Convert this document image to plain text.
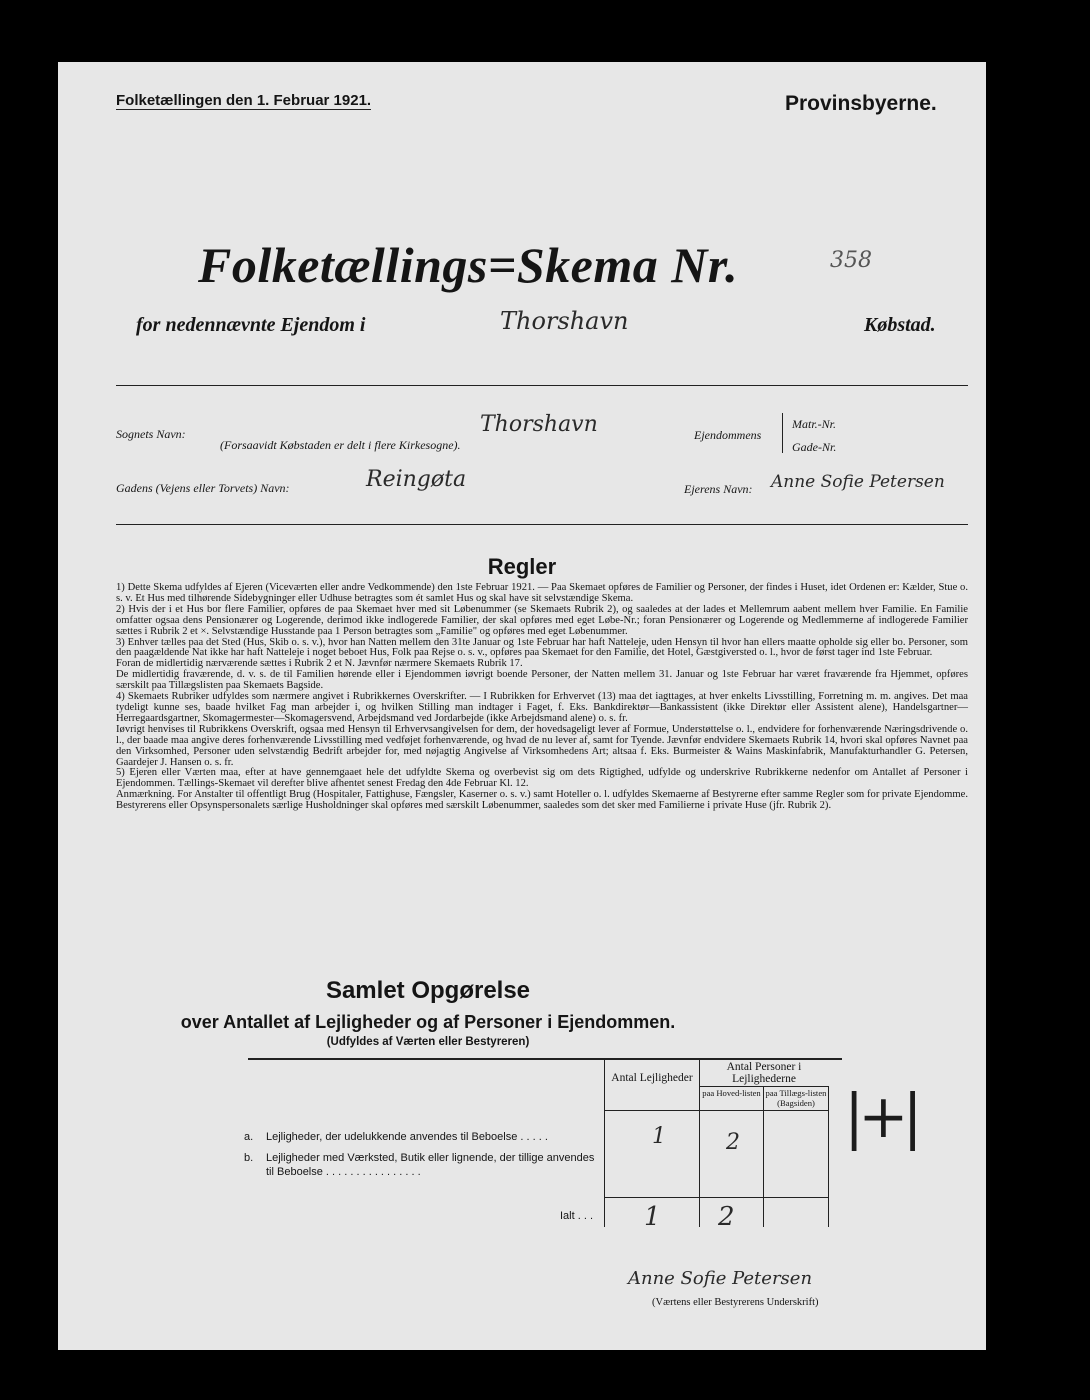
Folketællingen den 1. Februar 1921.	Provinsbyerne.
Folketællings=Skema Nr.	358
for nedennævnte Ejendom i	Thorshavn	Købstad.
Sognets Navn:
(Forsaavidt Købstaden er delt i flere Kirkesogne).
Thorshavn	Ejendommens
Matr.-Nr.
Gade-Nr.
Gadens (Vejens eller Torvets) Navn:	Reingøta	Ejerens Navn: Anne Sofie Petersen
Regler

1) Dette Skema udfyldes af Ejeren (Viceværten eller andre Vedkommende) den 1ste Februar 1921. — Paa Skemaet opføres de Familier og Personer, der findes i Huset, idet Ordenen er: Kælder, Stue o. s. v. Et Hus med tilhørende Sidebygninger eller Udhuse betragtes som ét samlet Hus og skal have sit selvstændige Skema.

2) Hvis der i et Hus bor flere Familier, opføres de paa Skemaet hver med sit Løbenummer (se Skemaets Rubrik 2), og saaledes at der lades et Mellemrum aabent mellem hver Familie. En Familie omfatter ogsaa dens Pensionærer og Logerende, derimod ikke indlogerede Familier, der skal opføres med eget Løbe-Nr.; foran Pensionærer og Logerende og Medlemmerne af indlogerede Familier sættes i Rubrik 2 et ×. Selvstændige Husstande paa 1 Person betragtes som „Familie" og opføres med eget Løbenummer.

3) Enhver tælles paa det Sted (Hus, Skib o. s. v.), hvor han Natten mellem den 31te Januar og 1ste Februar har haft Natteleje, uden Hensyn til hvor han ellers maatte opholde sig eller bo. Personer, som den paagældende Nat ikke har haft Natteleje i noget beboet Hus, Folk paa Rejse o. s. v., opføres paa Skemaet for den Familie, det Hotel, Gæstgiversted o. l., hvor de først tager ind 1ste Februar.

Foran de midlertidig nærværende sættes i Rubrik 2 et N. Jævnfør nærmere Skemaets Rubrik 17.

De midlertidig fraværende, d. v. s. de til Familien hørende eller i Ejendommen iøvrigt boende Personer, der Natten mellem 31. Januar og 1ste Februar har været fraværende fra Hjemmet, opføres særskilt paa Tillægslisten paa Skemaets Bagside.

4) Skemaets Rubriker udfyldes som nærmere angivet i Rubrikkernes Overskrifter. — I Rubrikken for Erhvervet (13) maa det iagttages, at hver enkelts Livsstilling, Forretning m. m. angives. Det maa tydeligt kunne ses, baade hvilket Fag man arbejder i, og hvilken Stilling man indtager i Faget, f. Eks. Bankdirektør—Bankassistent (ikke Direktør eller Assistent alene), Handelsgartner—Herregaardsgartner, Skomagermester—Skomagersvend, Arbejdsmand ved Jordarbejde (ikke Arbejdsmand alene) o. s. fr.

Iøvrigt henvises til Rubrikkens Overskrift, ogsaa med Hensyn til Erhvervsangivelsen for dem, der hovedsageligt lever af Formue, Understøttelse o. l., endvidere for forhenværende Næringsdrivende o. l., der baade maa angive deres forhenværende Livsstilling med vedføjet forhenværende, og hvad de nu lever af, samt for Tyende. Jævnfør endvidere Skemaets Rubrik 14, hvori skal opføres Navnet paa den Virksomhed, Personer uden selvstændig Bedrift arbejder for, med nøjagtig Angivelse af Virksomhedens Art; altsaa f. Eks. Burmeister & Wains Maskinfabrik, Manufakturhandler G. Petersen, Gaardejer J. Hansen o. s. fr.

5) Ejeren eller Værten maa, efter at have gennemgaaet hele det udfyldte Skema og overbevist sig om dets Rigtighed, udfylde og underskrive Rubrikkerne nedenfor om Antallet af Personer i Ejendommen. Tællings-Skemaet vil derefter blive afhentet senest Fredag den 4de Februar Kl. 12.

Anmærkning. For Anstalter til offentligt Brug (Hospitaler, Fattighuse, Fængsler, Kaserner o. s. v.) samt Hoteller o. l. udfyldes Skemaerne af Bestyrerne efter samme Regler som for private Ejendomme. Bestyrerens eller Opsynspersonalets særlige Husholdninger skal opføres med særskilt Løbenummer, saaledes som det sker med Familierne i private Huse (jfr. Rubrik 2).

Samlet Opgørelse
over Antallet af Lejligheder og af Personer i Ejendommen.
(Udfyldes af Værten eller Bestyreren)
Antal Lejligheder
Antal Personer i Lejlighederne
paa Hoved-listen paa Tillægs-listen (Bagsiden)
a. Lejligheder, der udelukkende anvendes til Beboelse . . . . .	1	2
b. Lejligheder med Værksted, Butik eller lignende, der tillige anvendes til Beboelse . . . . . . . . . . . . . . . .
Ialt . . . 1 2
|+|
Anne Sofie Petersen
(Værtens eller Bestyrerens Underskrift)
